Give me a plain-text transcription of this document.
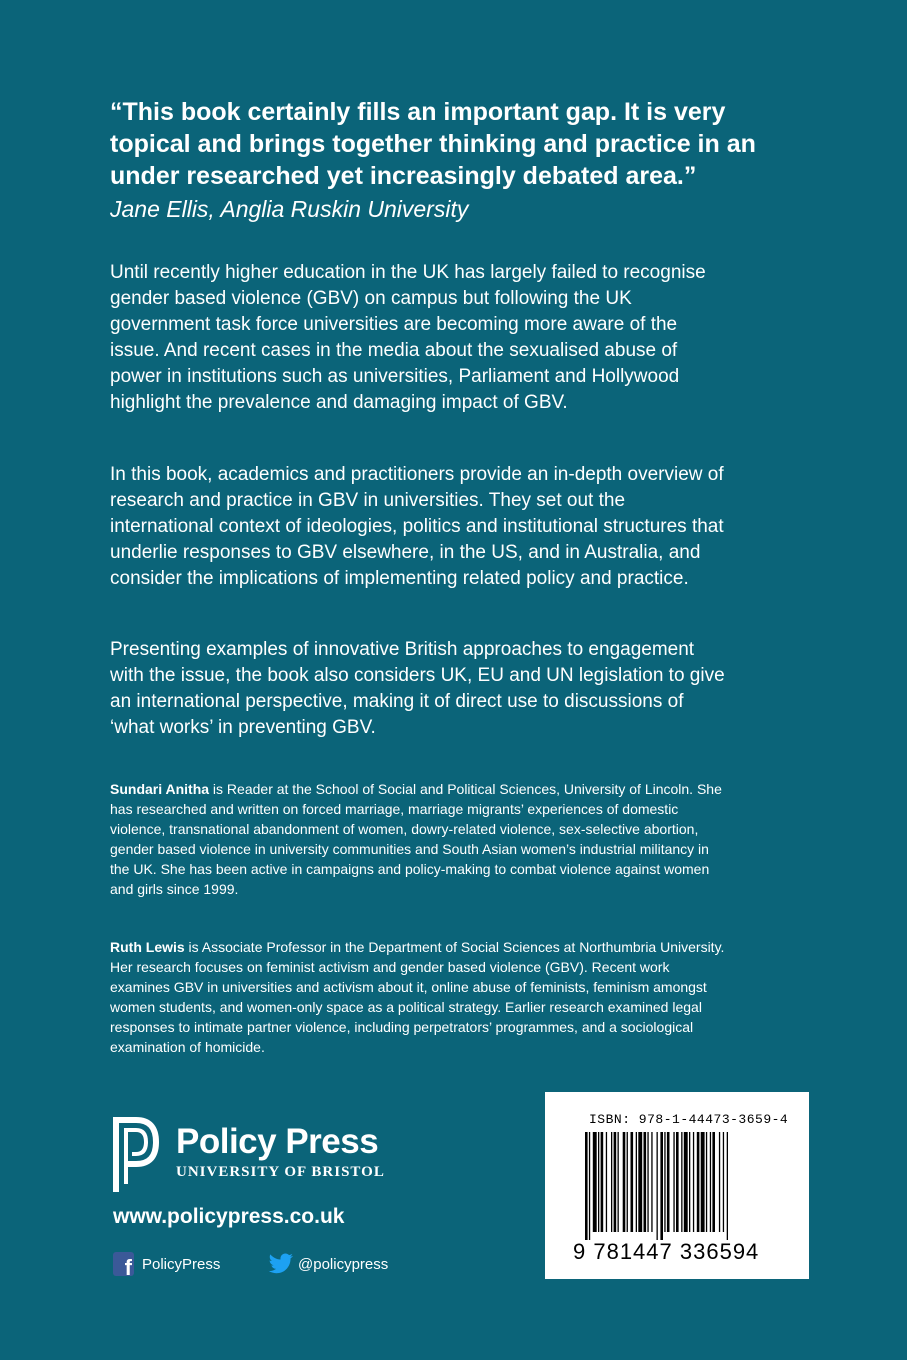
“This book certainly fills an important gap. It is very topical and brings together thinking and practice in an under researched yet increasingly debated area.”

Jane Ellis, Anglia Ruskin University

Until recently higher education in the UK has largely failed to recognise gender based violence (GBV) on campus but following the UK government task force universities are becoming more aware of the issue. And recent cases in the media about the sexualised abuse of power in institutions such as universities, Parliament and Hollywood highlight the prevalence and damaging impact of GBV.

In this book, academics and practitioners provide an in-depth overview of research and practice in GBV in universities. They set out the international context of ideologies, politics and institutional structures that underlie responses to GBV elsewhere, in the US, and in Australia, and consider the implications of implementing related policy and practice.

Presenting examples of innovative British approaches to engagement with the issue, the book also considers UK, EU and UN legislation to give an international perspective, making it of direct use to discussions of ‘what works’ in preventing GBV.

Sundari Anitha is Reader at the School of Social and Political Sciences, University of Lincoln. She has researched and written on forced marriage, marriage migrants’ experiences of domestic violence, transnational abandonment of women, dowry-related violence, sex-selective abortion, gender based violence in university communities and South Asian women’s industrial militancy in the UK. She has been active in campaigns and policy-making to combat violence against women and girls since 1999.

Ruth Lewis is Associate Professor in the Department of Social Sciences at Northumbria University. Her research focuses on feminist activism and gender based violence (GBV). Recent work examines GBV in universities and activism about it, online abuse of feminists, feminism amongst women students, and women-only space as a political strategy. Earlier research examined legal responses to intimate partner violence, including perpetrators’ programmes, and a sociological examination of homicide.

Policy Press
UNIVERSITY OF BRISTOL
www.policypress.co.uk
f PolicyPress	@policypress
ISBN: 978-1-44473-3659-4
9 781447 336594
